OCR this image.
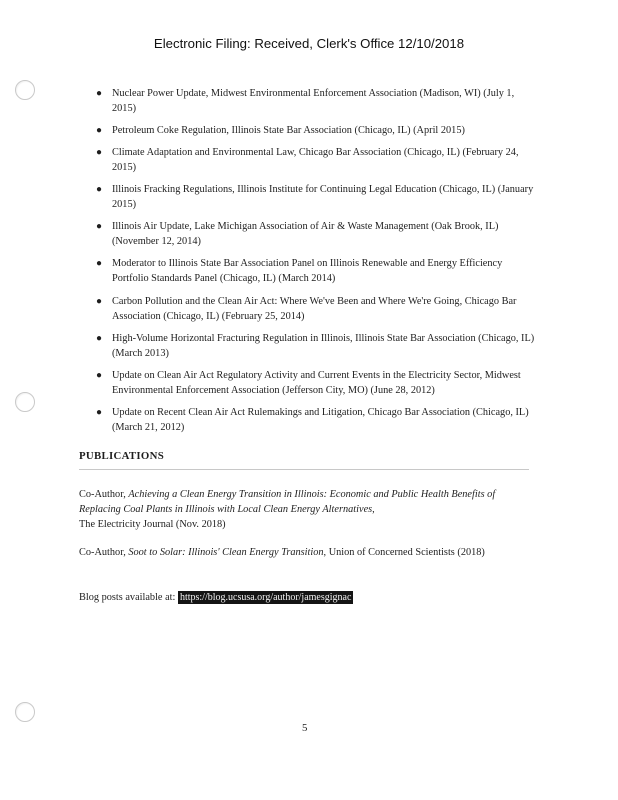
Electronic Filing: Received, Clerk's Office 12/10/2018
● Nuclear Power Update, Midwest Environmental Enforcement Association (Madison, WI) (July 1, 2015)
● Petroleum Coke Regulation, Illinois State Bar Association (Chicago, IL) (April 2015)
● Climate Adaptation and Environmental Law, Chicago Bar Association (Chicago, IL) (February 24, 2015)
● Illinois Fracking Regulations, Illinois Institute for Continuing Legal Education (Chicago, IL) (January 2015)
● Illinois Air Update, Lake Michigan Association of Air & Waste Management (Oak Brook, IL) (November 12, 2014)
● Moderator to Illinois State Bar Association Panel on Illinois Renewable and Energy Efficiency Portfolio Standards Panel (Chicago, IL) (March 2014)
● Carbon Pollution and the Clean Air Act: Where We've Been and Where We're Going, Chicago Bar Association (Chicago, IL) (February 25, 2014)
● High-Volume Horizontal Fracturing Regulation in Illinois, Illinois State Bar Association (Chicago, IL) (March 2013)
● Update on Clean Air Act Regulatory Activity and Current Events in the Electricity Sector, Midwest Environmental Enforcement Association (Jefferson City, MO) (June 28, 2012)
● Update on Recent Clean Air Act Rulemakings and Litigation, Chicago Bar Association (Chicago, IL) (March 21, 2012)
PUBLICATIONS
Co-Author, Achieving a Clean Energy Transition in Illinois: Economic and Public Health Benefits of Replacing Coal Plants in Illinois with Local Clean Energy Alternatives,
The Electricity Journal (Nov. 2018)
Co-Author, Soot to Solar: Illinois' Clean Energy Transition, Union of Concerned Scientists (2018)
Blog posts available at: https://blog.ucsusa.org/author/jamesgignac
5
